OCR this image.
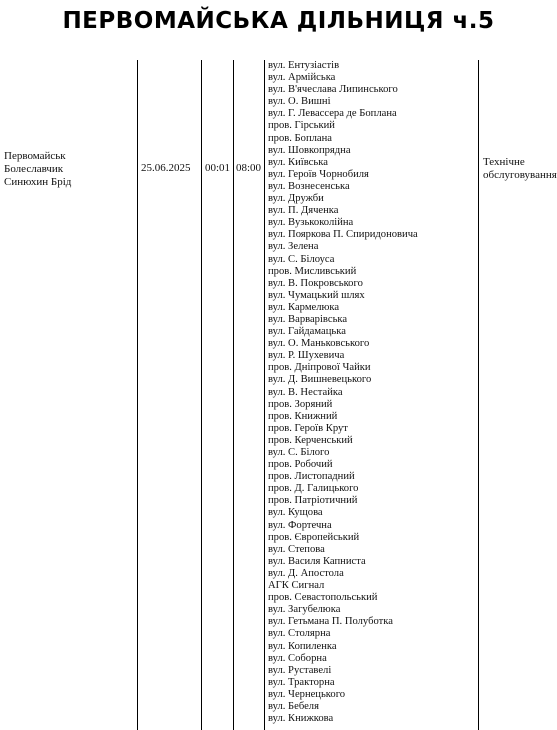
ПЕРВОМАЙСЬКА ДІЛЬНИЦЯ ч.5
Первомайськ
Болеславчик
Синюхин Брід
25.06.2025 00:01 08:00	Технічне
обслуговування
вул. Ентузіастів
вул. Армійська
вул. В'ячеслава Липинського
вул. О. Вишні
вул. Г. Левассера де Боплана
пров. Гірський
пров. Боплана
вул. Шовкопрядна
вул. Київська
вул. Героїв Чорнобиля
вул. Вознесенська
вул. Дружби
вул. П. Дяченка
вул. Вузькоколійна
вул. Пояркова П. Спиридоновича
вул. Зелена
вул. С. Білоуса
пров. Мисливський
вул. В. Покровського
вул. Чумацький шлях
вул. Кармелюка
вул. Варварівська
вул. Гайдамацька
вул. О. Маньковського
вул. Р. Шухевича
пров. Дніпрової Чайки
вул. Д. Вишневецького
вул. В. Нестайка
пров. Зоряний
пров. Книжний
пров. Героїв Крут
пров. Керченський
вул. С. Білого
пров. Робочий
пров. Листопадний
пров. Д. Галицького
пров. Патріотичний
вул. Кущова
вул. Фортечна
пров. Європейський
вул. Степова
вул. Василя Капниста
вул. Д. Апостола
АГК Сигнал
пров. Севастопольський
вул. Загубелюка
вул. Гетьмана П. Полуботка
вул. Столярна
вул. Копиленка
вул. Соборна
вул. Руставелі
вул. Тракторна
вул. Чернецького
вул. Бебеля
вул. Книжкова
